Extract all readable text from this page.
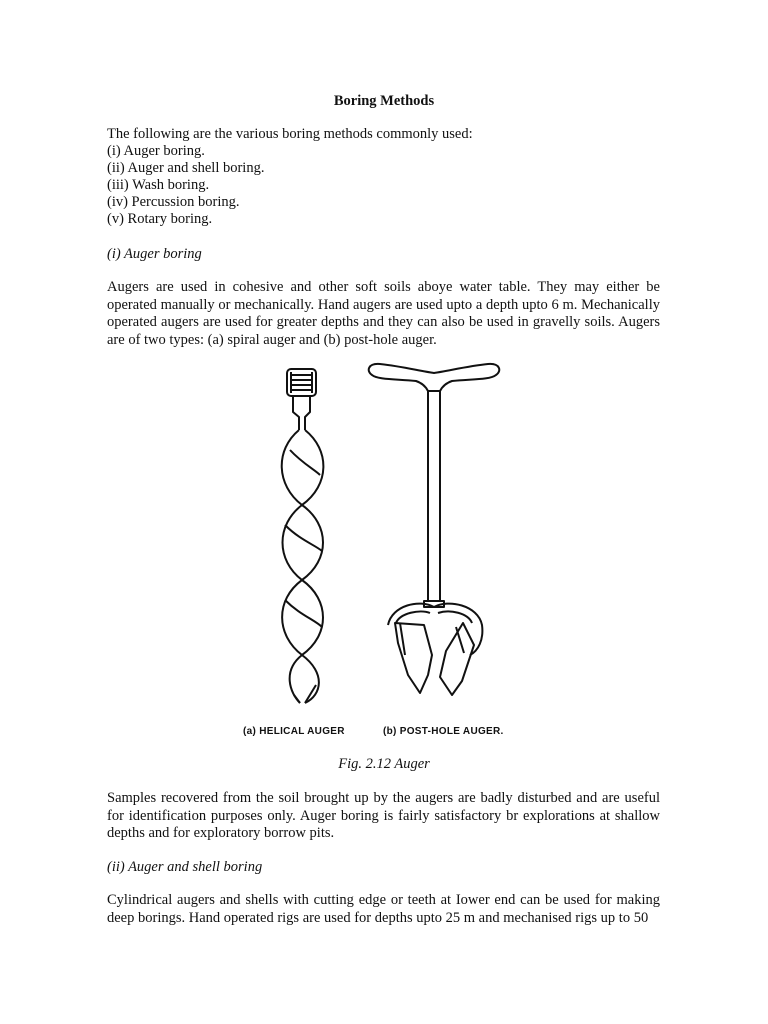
Boring Methods
The following are the various boring methods commonly used:
(i) Auger boring.
(ii) Auger and shell boring.
(iii) Wash boring.
(iv) Percussion boring.
(v) Rotary boring.
(i) Auger boring
Augers are used in cohesive and other soft soils aboye water table. They may either be operated manually or mechanically. Hand augers are used upto a depth upto 6 m. Mechanically operated augers are used for greater depths and they can also be used in gravelly soils. Augers are of two types: (a) spiral auger and (b) post-hole auger.
(a) HELICAL AUGER	(b) POST-HOLE AUGER.
Fig. 2.12 Auger
Samples recovered from the soil brought up by the augers are badly disturbed and are useful for identification purposes only. Auger boring is fairly satisfactory br explorations at shallow depths and for exploratory borrow pits.
(ii) Auger and shell boring
Cylindrical augers and shells with cutting edge or teeth at Iower end can be used for making deep borings. Hand operated rigs are used for depths upto 25 m and mechanised rigs up to 50
